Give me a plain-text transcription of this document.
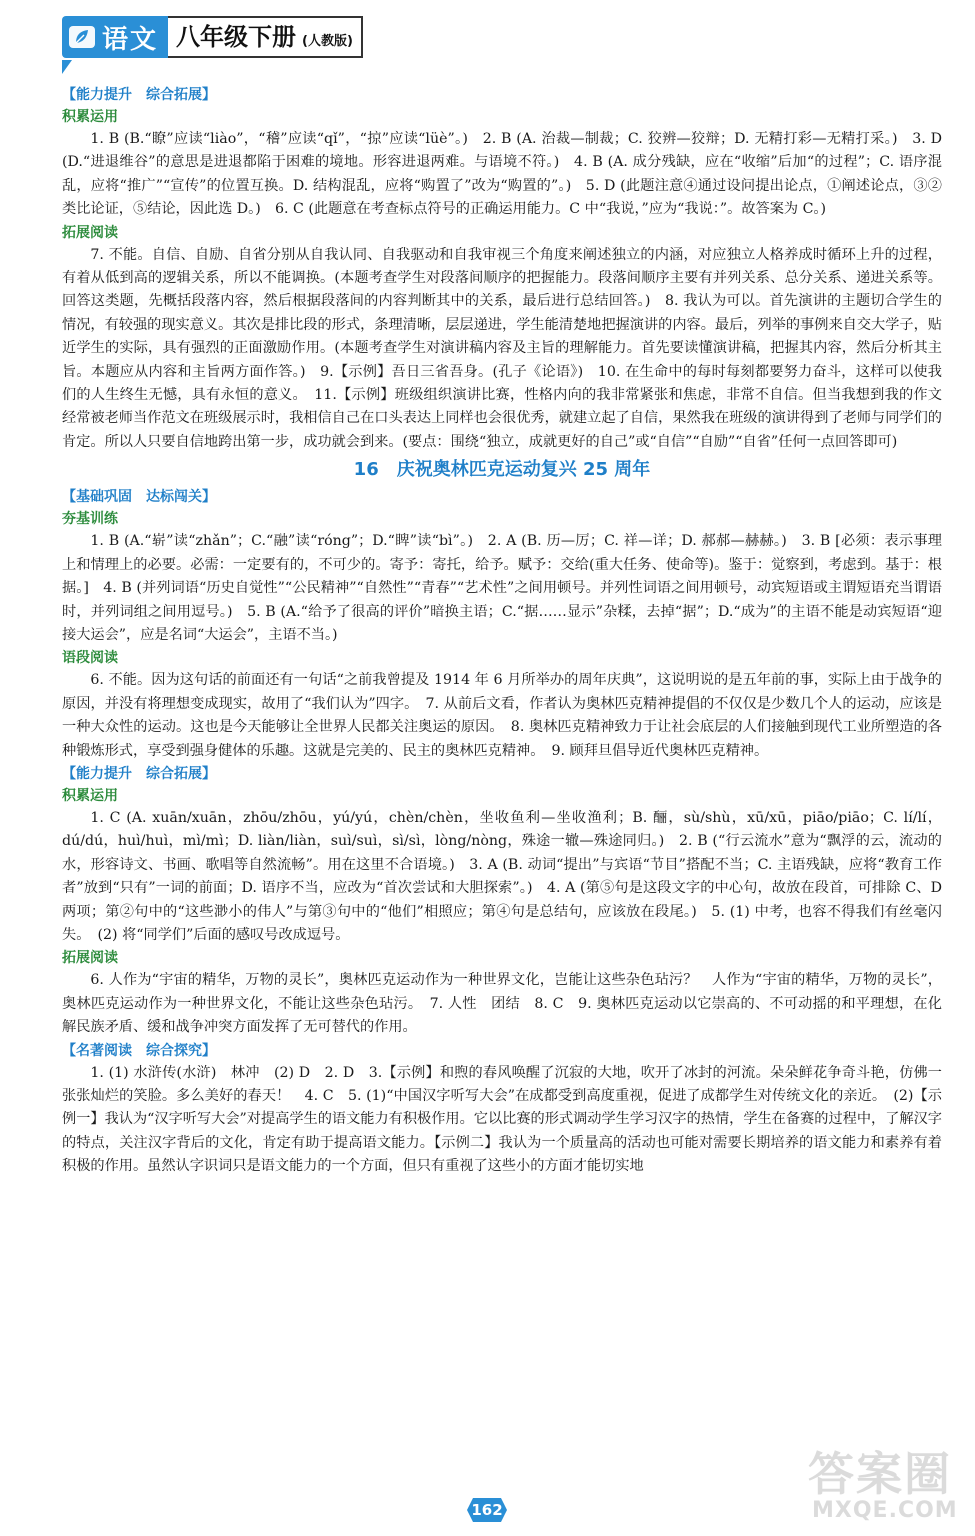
语文 八年级下册 (人教版)
【能力提升　综合拓展】
积累运用

1. B (B.“瞭”应读“liào”，“稽”应读“qǐ”，“掠”应读“lüè”。)　2. B (A. 治裁—制裁；C. 狡辨—狡辩；D. 无精打彩—无精打采。)　3. D (D.“进退维谷”的意思是进退都陷于困难的境地。形容进退两难。与语境不符。)　4. B (A. 成分残缺，应在“收缩”后加“的过程”；C. 语序混乱，应将“推广”“宣传”的位置互换。D. 结构混乱，应将“购置了”改为“购置的”。)　5. D (此题注意④通过设问提出论点，①阐述论点，③②类比论证，⑤结论，因此选 D。)　6. C (此题意在考查标点符号的正确运用能力。C 中“我说，”应为“我说：”。故答案为 C。)

拓展阅读

7. 不能。自信、自励、自省分别从自我认同、自我驱动和自我审视三个角度来阐述独立的内涵，对应独立人格养成时循环上升的过程，有着从低到高的逻辑关系，所以不能调换。(本题考查学生对段落间顺序的把握能力。段落间顺序主要有并列关系、总分关系、递进关系等。回答这类题，先概括段落内容，然后根据段落间的内容判断其中的关系，最后进行总结回答。)　8. 我认为可以。首先演讲的主题切合学生的情况，有较强的现实意义。其次是排比段的形式，条理清晰，层层递进，学生能清楚地把握演讲的内容。最后，列举的事例来自交大学子，贴近学生的实际，具有强烈的正面激励作用。(本题考查学生对演讲稿内容及主旨的理解能力。首先要读懂演讲稿，把握其内容，然后分析其主旨。本题应从内容和主旨两方面作答。)　9.【示例】吾日三省吾身。(孔子《论语》)　10. 在生命中的每时每刻都要努力奋斗，这样可以使我们的人生终生无憾，具有永恒的意义。　11.【示例】班级组织演讲比赛，性格内向的我非常紧张和焦虑，非常不自信。但当我想到我的作文经常被老师当作范文在班级展示时，我相信自己在口头表达上同样也会很优秀，就建立起了自信，果然我在班级的演讲得到了老师与同学们的肯定。所以人只要自信地跨出第一步，成功就会到来。(要点：围绕“独立，成就更好的自己”或“自信”“自励”“自省”任何一点回答即可)

16　庆祝奥林匹克运动复兴 25 周年
【基础巩固　达标闯关】
夯基训练

1. B (A.“崭”读“zhǎn”；C.“融”读“róng”；D.“睥”读“bì”。)　2. A (B. 历—厉；C. 祥—详；D. 郝郝—赫赫。)　3. B [必须：表示事理上和情理上的必要。必需：一定要有的，不可少的。寄予：寄托，给予。赋予：交给(重大任务、使命等)。鉴于：觉察到，考虑到。基于：根据。]　4. B (并列词语“历史自觉性”“公民精神”“自然性”“青春”“艺术性”之间用顿号。并列性词语之间用顿号，动宾短语或主谓短语充当谓语时，并列词组之间用逗号。)　5. B (A.“给予了很高的评价”暗换主语；C.“据……显示”杂糅，去掉“据”；D.“成为”的主语不能是动宾短语“迎接大运会”，应是名词“大运会”，主语不当。)

语段阅读

6. 不能。因为这句话的前面还有一句话“之前我曾提及 1914 年 6 月所举办的周年庆典”，这说明说的是五年前的事，实际上由于战争的原因，并没有将理想变成现实，故用了“我们认为”四字。　7. 从前后文看，作者认为奥林匹克精神提倡的不仅仅是少数几个人的运动，应该是一种大众性的运动。这也是今天能够让全世界人民都关注奥运的原因。　8. 奥林匹克精神致力于让社会底层的人们接触到现代工业所塑造的各种锻炼形式，享受到强身健体的乐趣。这就是完美的、民主的奥林匹克精神。　9. 顾拜旦倡导近代奥林匹克精神。

【能力提升　综合拓展】
积累运用

1. C (A. xuān/xuān，zhōu/zhōu，yú/yú，chèn/chèn，坐收鱼利—坐收渔利；B. 酾，sù/shù，xū/xū，piāo/piāo；C. lí/lí，dú/dú，huì/huì，mì/mì；D. liàn/liàn，suì/suì，sì/sì，lòng/nòng，殊途一辙—殊途同归。)　2. B (“行云流水”意为“飘浮的云，流动的水，形容诗文、书画、歌唱等自然流畅”。用在这里不合语境。)　3. A (B. 动词“提出”与宾语“节目”搭配不当；C. 主语残缺，应将“教育工作者”放到“只有”一词的前面；D. 语序不当，应改为“首次尝试和大胆探索”。)　4. A (第⑤句是这段文字的中心句，故放在段首，可排除 C、D 两项；第②句中的“这些渺小的伟人”与第③句中的“他们”相照应；第④句是总结句，应该放在段尾。)　5. (1) 中考，也容不得我们有丝毫闪失。　(2) 将“同学们”后面的感叹号改成逗号。

拓展阅读

6. 人作为“宇宙的精华，万物的灵长”，奥林匹克运动作为一种世界文化，岂能让这些杂色玷污？　人作为“宇宙的精华，万物的灵长”，奥林匹克运动作为一种世界文化，不能让这些杂色玷污。　7. 人性　团结　8. C　9. 奥林匹克运动以它崇高的、不可动摇的和平理想，在化解民族矛盾、缓和战争冲突方面发挥了无可替代的作用。

【名著阅读　综合探究】

1. (1) 水浒传(水浒)　林冲　(2) D　2. D　3.【示例】和煦的春风唤醒了沉寂的大地，吹开了冰封的河流。朵朵鲜花争奇斗艳，仿佛一张张灿烂的笑脸。多么美好的春天！　4. C　5. (1)“中国汉字听写大会”在成都受到高度重视，促进了成都学生对传统文化的亲近。　(2)【示例一】我认为“汉字听写大会”对提高学生的语文能力有积极作用。它以比赛的形式调动学生学习汉字的热情，学生在备赛的过程中，了解汉字的特点，关注汉字背后的文化，肯定有助于提高语文能力。【示例二】我认为一个质量高的活动也可能对需要长期培养的语文能力和素养有着积极的作用。虽然认字识词只是语文能力的一个方面，但只有重视了这些小的方面才能切实地

162
答案圈
MXQE.COM
